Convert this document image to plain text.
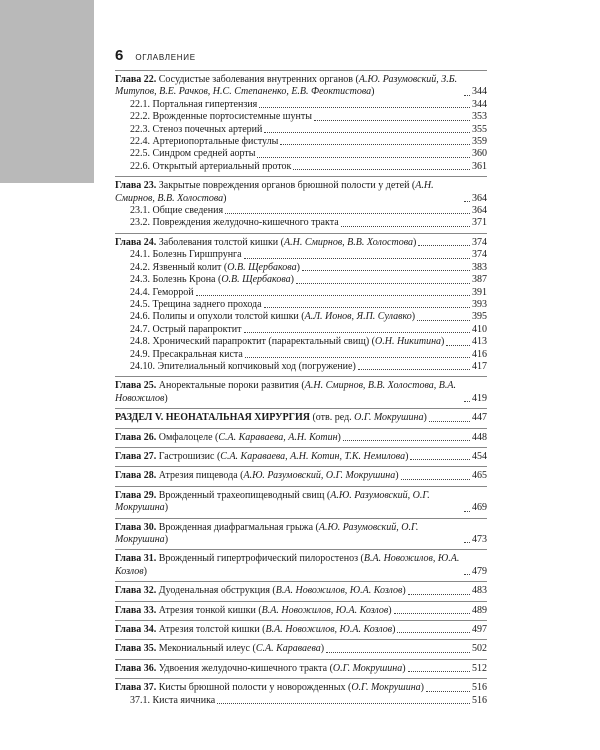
6 ОГЛАВЛЕНИЕ
Глава 22. Сосудистые заболевания внутренних органов (А.Ю. Разумовский, З.Б. Митупов, В.Е. Рачков, Н.С. Степаненко, Е.В. Феоктистова)	344
22.1. Портальная гипертензия	344
22.2. Врожденные портосистемные шунты	353
22.3. Стеноз почечных артерий	355
22.4. Артериопортальные фистулы	359
22.5. Синдром средней аорты	360
22.6. Открытый артериальный проток	361
Глава 23. Закрытые повреждения органов брюшной полости у детей (А.Н. Смирнов, В.В. Холостова)	364
23.1. Общие сведения	364
23.2. Повреждения желудочно-кишечного тракта	371
Глава 24. Заболевания толстой кишки (А.Н. Смирнов, В.В. Холостова)	374
24.1. Болезнь Гиршпрунга	374
24.2. Язвенный колит (О.В. Щербакова)	383
24.3. Болезнь Крона (О.В. Щербакова)	387
24.4. Геморрой	391
24.5. Трещина заднего прохода	393
24.6. Полипы и опухоли толстой кишки (А.Л. Ионов, Я.П. Сулавко)	395
24.7. Острый парапроктит	410
24.8. Хронический парапроктит (параректальный свищ) (О.Н. Никитина)	413
24.9. Пресакральная киста	416
24.10. Эпителиальный копчиковый ход (погружение)	417
Глава 25. Аноректальные пороки развития (А.Н. Смирнов, В.В. Холостова, В.А. Новожилов)	419
РАЗДЕЛ V. НЕОНАТАЛЬНАЯ ХИРУРГИЯ (отв. ред. О.Г. Мокрушина)	447
Глава 26. Омфалоцеле (С.А. Караваева, А.Н. Котин)	448
Глава 27. Гастрошизис (С.А. Караваева, А.Н. Котин, Т.К. Немилова)	454
Глава 28. Атрезия пищевода (А.Ю. Разумовский, О.Г. Мокрушина)	465
Глава 29. Врожденный трахеопищеводный свищ (А.Ю. Разумовский, О.Г. Мокрушина)	469
Глава 30. Врожденная диафрагмальная грыжа (А.Ю. Разумовский, О.Г. Мокрушина)	473
Глава 31. Врожденный гипертрофический пилоростеноз (В.А. Новожилов, Ю.А. Козлов)	479
Глава 32. Дуоденальная обструкция (В.А. Новожилов, Ю.А. Козлов)	483
Глава 33. Атрезия тонкой кишки (В.А. Новожилов, Ю.А. Козлов)	489
Глава 34. Атрезия толстой кишки (В.А. Новожилов, Ю.А. Козлов)	497
Глава 35. Мекониальный илеус (С.А. Караваева)	502
Глава 36. Удвоения желудочно-кишечного тракта (О.Г. Мокрушина)	512
Глава 37. Кисты брюшной полости у новорожденных (О.Г. Мокрушина)	516
37.1. Киста яичника	516
